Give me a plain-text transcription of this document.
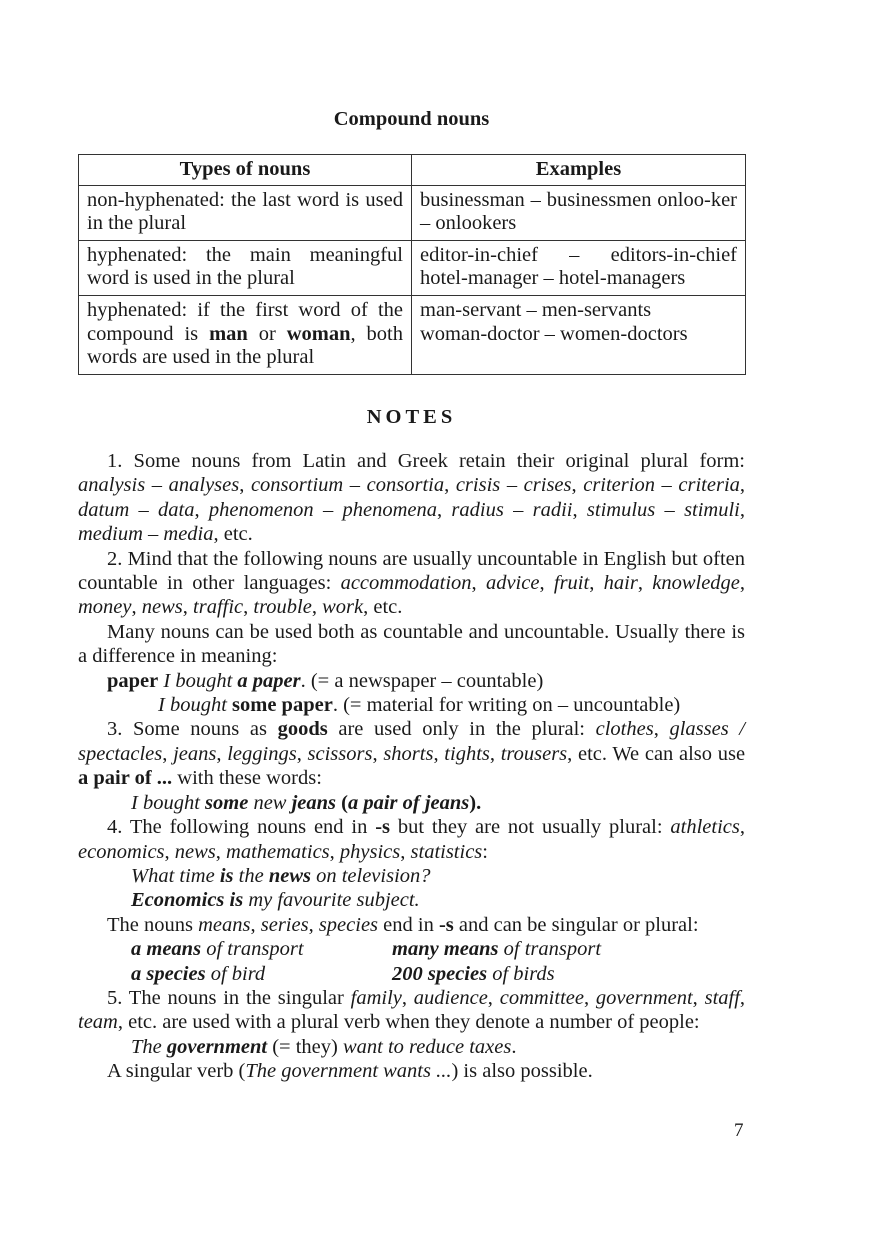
Compound nouns
Types of nouns	Examples
non-hyphenated: the last word is used in the plural	businessman – businessmen onloo-ker – onlookers
hyphenated: the main meaningful word is used in the plural	editor-in-chief – editors-in-chief
hotel-manager – hotel-managers

hyphenated: if the first word of the compound is man or woman, both words are used in the plural	man-servant – men-servants
woman-doctor – women-doctors
NOTES

1. Some nouns from Latin and Greek retain their original plural form: analysis – analyses, consortium – consortia, crisis – crises, criterion – criteria, datum – data, phenomenon – phenomena, radius – radii, stimulus – stimuli, medium – media, etc.

2. Mind that the following nouns are usually uncountable in English but often countable in other languages: accommodation, advice, fruit, hair, knowledge, money, news, traffic, trouble, work, etc.

Many nouns can be used both as countable and uncountable. Usually there is a difference in meaning:

paper I bought a paper. (= a newspaper – countable)

I bought some paper. (= material for writing on – uncountable)

3. Some nouns as goods are used only in the plural: clothes, glasses / spectacles, jeans, leggings, scissors, shorts, tights, trousers, etc. We can also use a pair of ... with these words:

I bought some new jeans (a pair of jeans).

4. The following nouns end in -s but they are not usually plural: athletics, economics, news, mathematics, physics, statistics:

What time is the news on television?

Economics is my favourite subject.

The nouns means, series, species end in -s and can be singular or plural:

a means of transport	many means of transport
a species of bird	200 species of birds

5. The nouns in the singular family, audience, committee, government, staff, team, etc. are used with a plural verb when they denote a number of people:

The government (= they) want to reduce taxes.

A singular verb (The government wants ...) is also possible.

7
